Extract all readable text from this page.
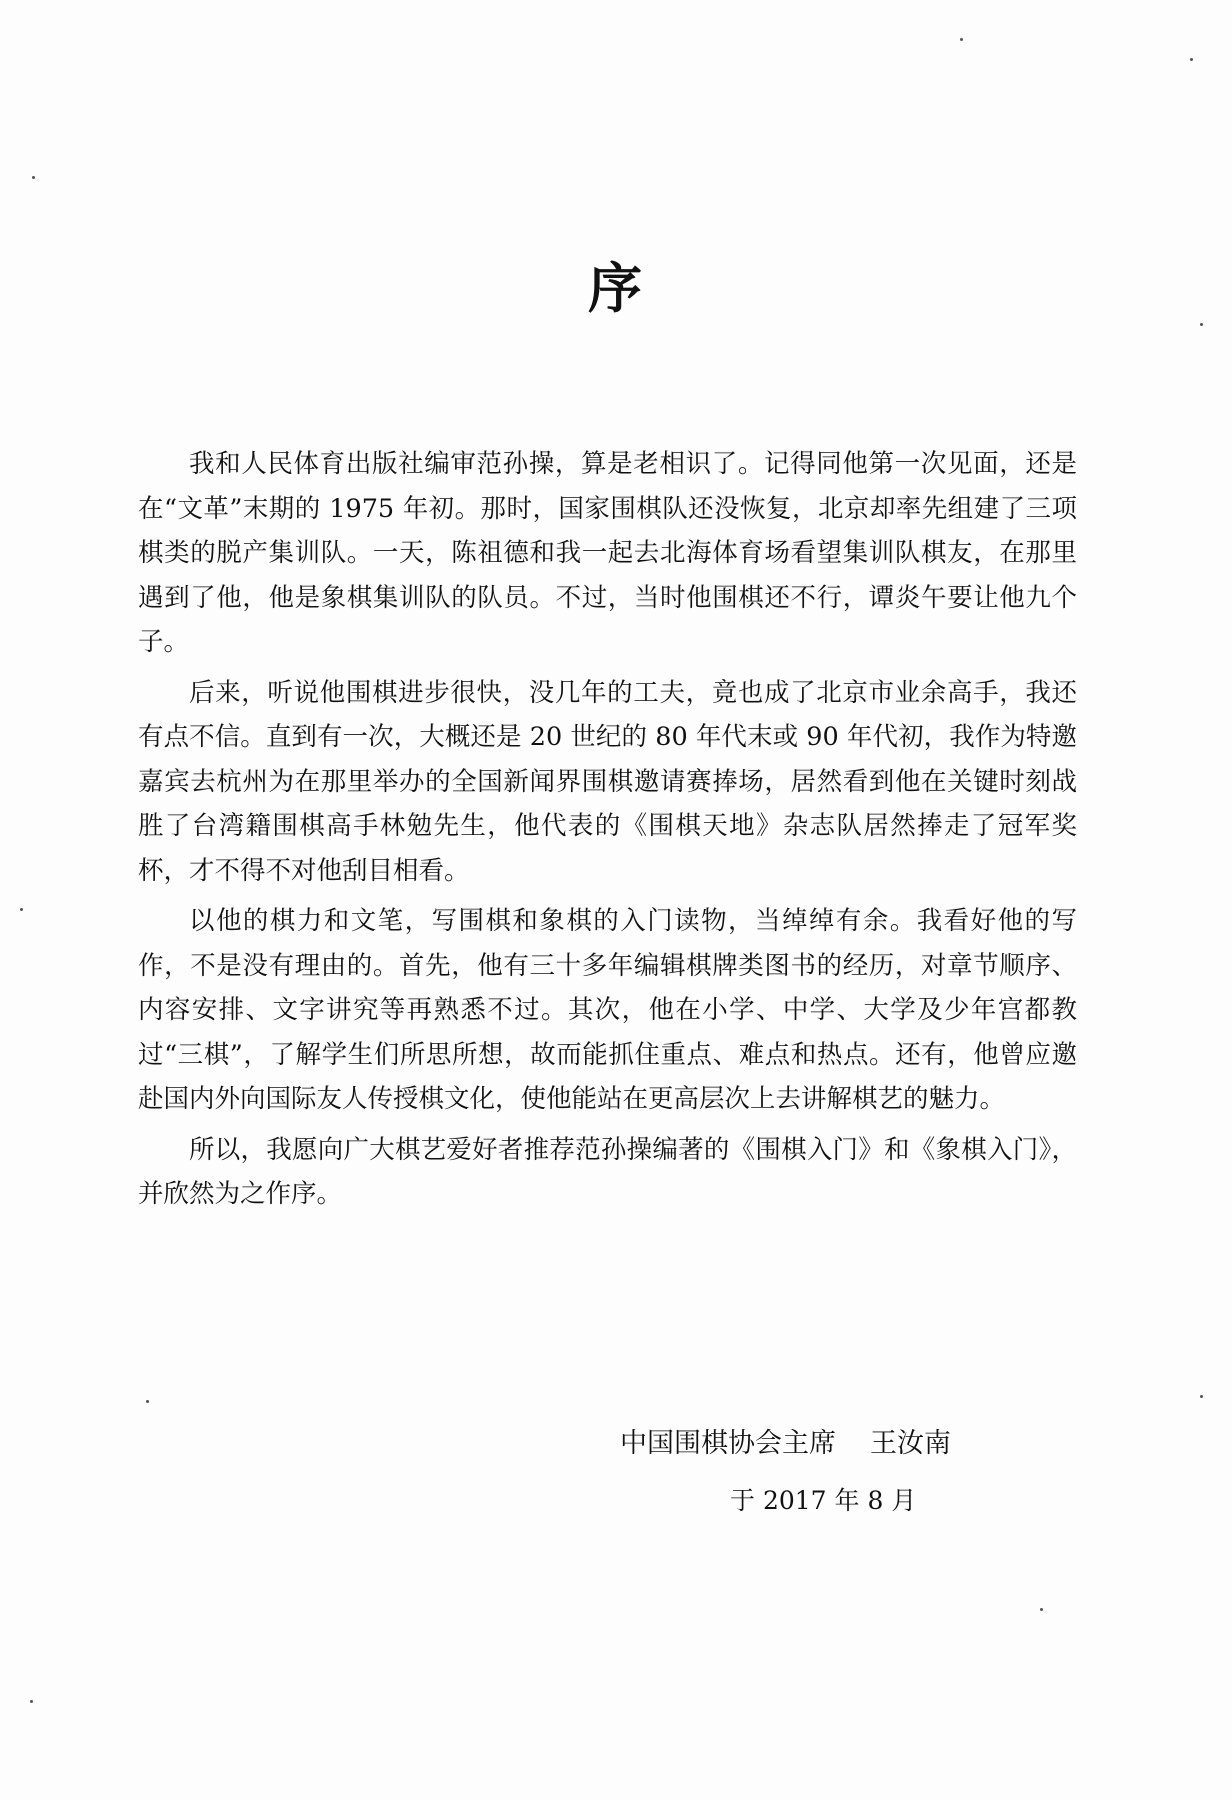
序

我和人民体育出版社编审范孙操，算是老相识了。记得同他第一次见面，还是在“文革”末期的 1975 年初。那时，国家围棋队还没恢复，北京却率先组建了三项棋类的脱产集训队。一天，陈祖德和我一起去北海体育场看望集训队棋友，在那里遇到了他，他是象棋集训队的队员。不过，当时他围棋还不行，谭炎午要让他九个子。

后来，听说他围棋进步很快，没几年的工夫，竟也成了北京市业余高手，我还有点不信。直到有一次，大概还是 20 世纪的 80 年代末或 90 年代初，我作为特邀嘉宾去杭州为在那里举办的全国新闻界围棋邀请赛捧场，居然看到他在关键时刻战胜了台湾籍围棋高手林勉先生，他代表的《围棋天地》杂志队居然捧走了冠军奖杯，才不得不对他刮目相看。

以他的棋力和文笔，写围棋和象棋的入门读物，当绰绰有余。我看好他的写作，不是没有理由的。首先，他有三十多年编辑棋牌类图书的经历，对章节顺序、内容安排、文字讲究等再熟悉不过。其次，他在小学、中学、大学及少年宫都教过“三棋”，了解学生们所思所想，故而能抓住重点、难点和热点。还有，他曾应邀赴国内外向国际友人传授棋文化，使他能站在更高层次上去讲解棋艺的魅力。

所以，我愿向广大棋艺爱好者推荐范孙操编著的《围棋入门》和《象棋入门》，并欣然为之作序。

中国围棋协会主席 王汝南
于 2017 年 8 月
